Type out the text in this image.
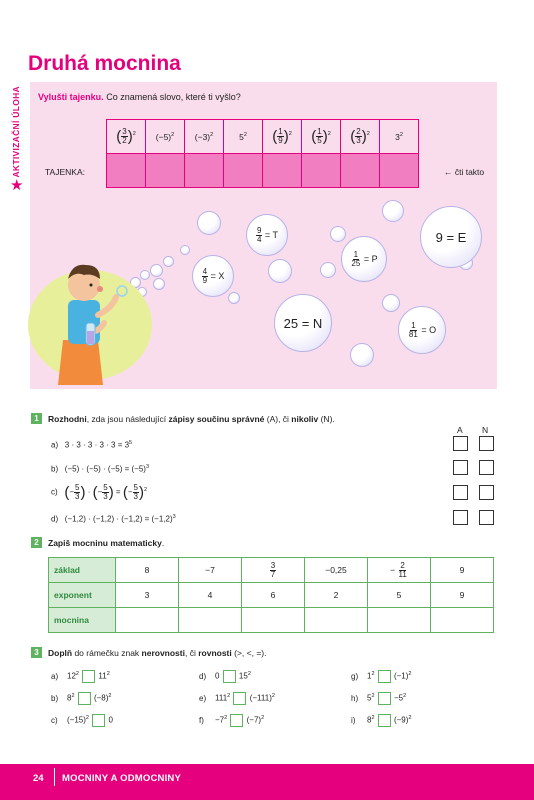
Druhá mocnina
AKTIVIZAČNÍ ÚLOHA
★
Vylušti tajenku. Co znamená slovo, které ti vyšlo?
( $\frac{3}{2} )^2$	$(-5)^2$	$(-3)^2$	$5^2$	( $\frac{1}{9} )^2$	( $\frac{1}{5} )^2$	( $\frac{2}{3} )^2$	$3^2$

TAJENKA:	← čti takto
$\frac{9}{4} = T$
$\frac{4}{9} = X$
$\frac{1}{25} = P$
9 = E
25 = N	$\frac{1}{81} = O$
1	Rozhodni, zda jsou následující zápisy součinu správné (A), či nikoliv (N).
A N
a)   $3 \cdot 3 \cdot 3 \cdot 3 \cdot 3 = 3^5$
b)   $(-5) \cdot (-5) \cdot (-5) = (-5)^3$
c) (− $\frac{5}{3}$ ) · (− $\frac{5}{3}$ ) = (− $\frac{5}{3} )^2$
d)   $(-1,2) \cdot (-1,2) \cdot (-1,2) = (-1,2)^3$
2	Zapiš mocninu matematicky.
základ	8	−7	$\frac{3}{7}$	−0,25	− $\frac{2}{11}$	9
exponent	3	4	6	2	5	9
mocnina						
3	Doplň do rámečku znak nerovnosti, či rovnosti (>, <, =).
a) $12^2$  $11^2$	d) 0  $15^2$	g) $1^2$  $(-1)^2$
b) $8^2$  $(-8)^2$	e) $111^2$  $(-111)^2$	h) $5^2 -5^2$
c) $(-15)^2$ 0	$f) -7^2$  $(-7)^2$	i) $8^2$  $(-9)^2$
24 MOCNINY A ODMOCNINY
